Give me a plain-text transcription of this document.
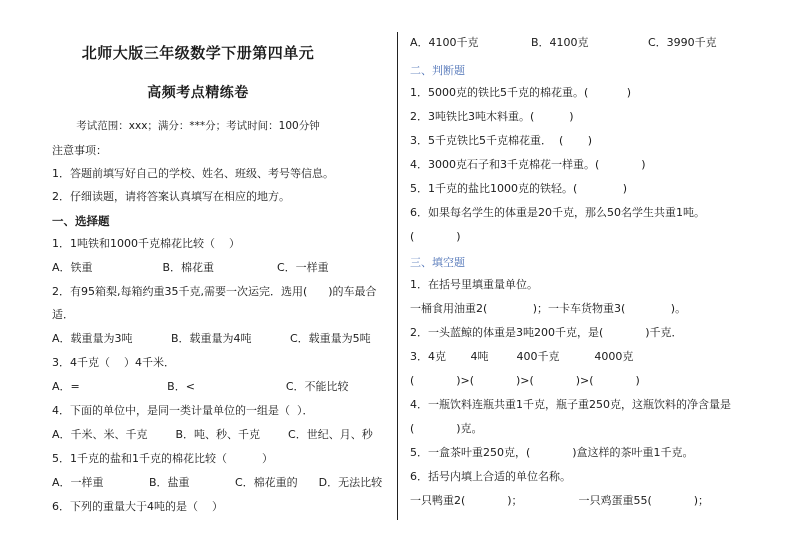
北师大版三年级数学下册第四单元
高频考点精练卷
考试范围：xxx；满分：***分；考试时间：100分钟
注意事项：
1．答题前填写好自己的学校、姓名、班级、考号等信息。
2．仔细读题，请将答案认真填写在相应的地方。
一、选择题
1．1吨铁和1000千克棉花比较（    ）
A．铁重                    B．棉花重                  C．一样重
2．有95箱梨,每箱约重35千克,需要一次运完．选用(      )的车最合
适．
A．载重量为3吨           B．载重量为4吨           C．载重量为5吨
3．4千克（    ）4千米．
A．=                         B．<                          C．不能比较
4．下面的单位中，是同一类计量单位的一组是（  ）．
A．千米、米、千克        B．吨、秒、千克        C．世纪、月、秒
5．1千克的盐和1千克的棉花比较（          ）
A．一样重             B．盐重             C．棉花重的      D．无法比较
6．下列的重量大于4吨的是（    ）
A．4100千克               B．4100克                 C．3990千克
二、判断题
1．5000克的铁比5千克的棉花重。(           )
2．3吨铁比3吨木料重。(          )
3．5千克铁比5千克棉花重．  (       )
4．3000克石子和3千克棉花一样重。(            )
5．1千克的盐比1000克的铁轻。(             )
6．如果每名学生的体重是20千克，那么50名学生共重1吨。
(            )
三、填空题
1．在括号里填重量单位。
一桶食用油重2(             )；一卡车货物重3(             )。
2．一头蓝鲸的体重是3吨200千克，是(            )千克．
3．4克       4吨        400千克          4000克
(            )>(            )>(            )>(            )
4．一瓶饮料连瓶共重1千克，瓶子重250克，这瓶饮料的净含量是
(            )克。
5．一盒茶叶重250克，(            )盒这样的茶叶重1千克。
6．括号内填上合适的单位名称。
一只鸭重2(            )；                一只鸡蛋重55(            )；
